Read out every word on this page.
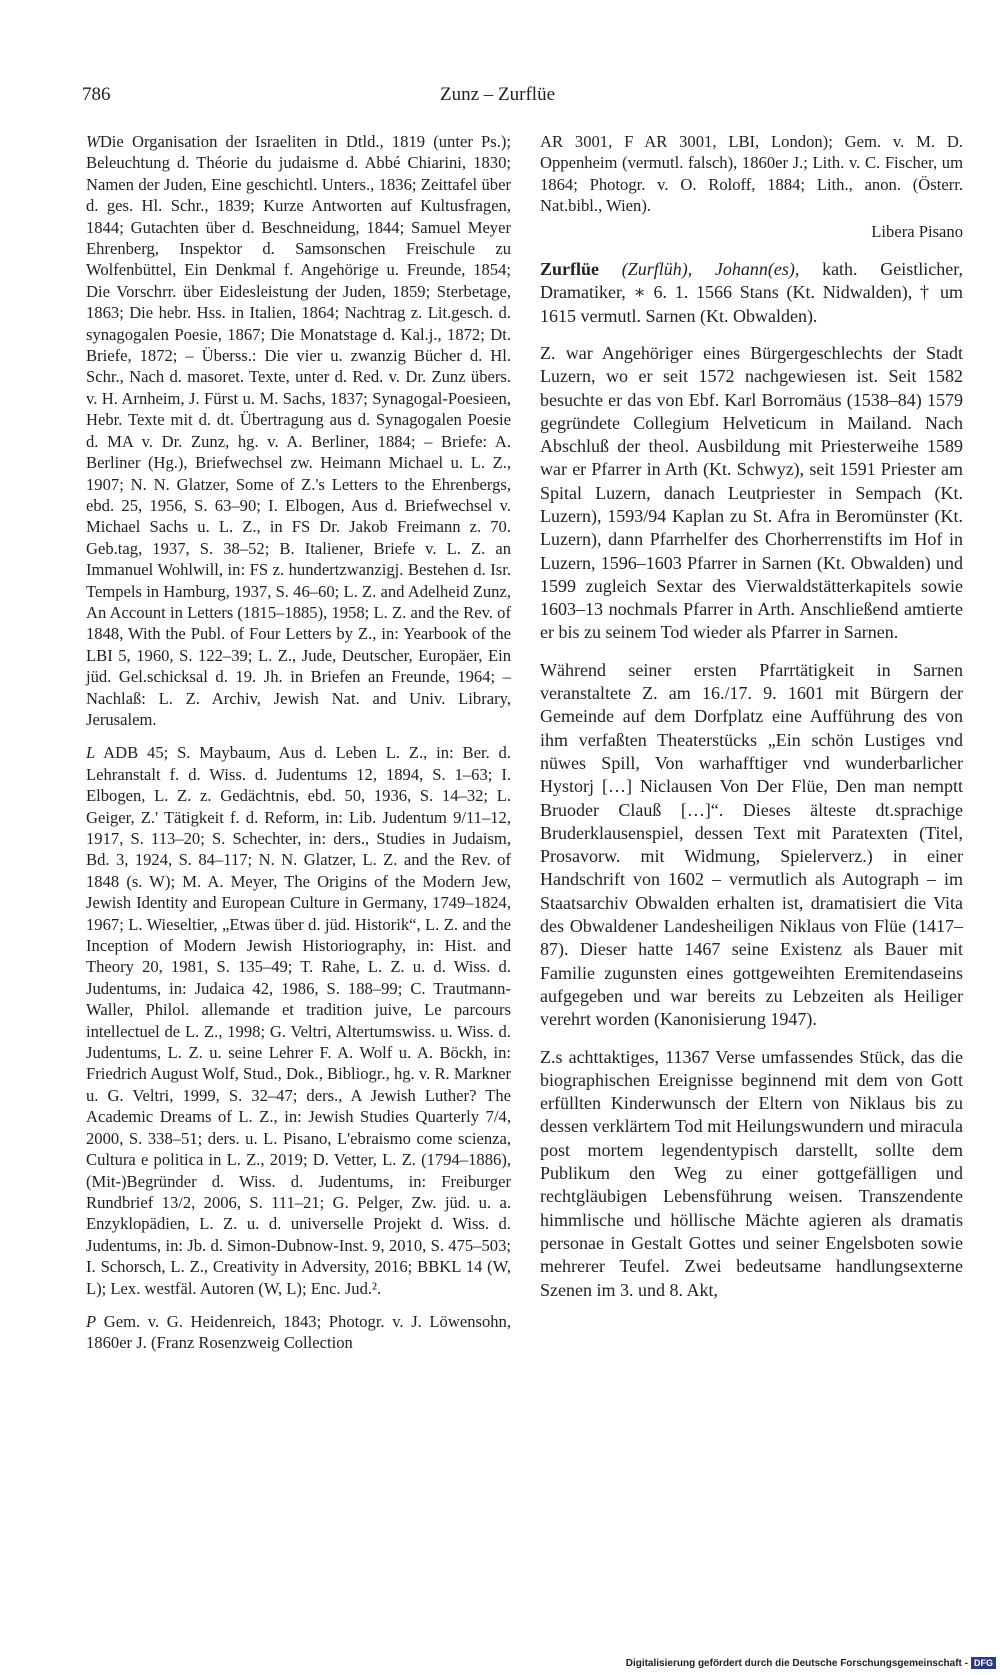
786	Zunz – Zurflüe

WDie Organisation der Israeliten in Dtld., 1819 (unter Ps.); Beleuchtung d. Théorie du judaisme d. Abbé Chiarini, 1830; Namen der Juden, Eine geschichtl. Unters., 1836; Zeittafel über d. ges. Hl. Schr., 1839; Kurze Antworten auf Kultusfragen, 1844; Gutachten über d. Beschneidung, 1844; Samuel Meyer Ehrenberg, Inspektor d. Samsonschen Freischule zu Wolfenbüttel, Ein Denkmal f. Angehörige u. Freunde, 1854; Die Vorschrr. über Eidesleistung der Juden, 1859; Sterbetage, 1863; Die hebr. Hss. in Italien, 1864; Nachtrag z. Lit.gesch. d. synagogalen Poesie, 1867; Die Monatstage d. Kal.j., 1872; Dt. Briefe, 1872; – Überss.: Die vier u. zwanzig Bücher d. Hl. Schr., Nach d. masoret. Texte, unter d. Red. v. Dr. Zunz übers. v. H. Arnheim, J. Fürst u. M. Sachs, 1837; Synagogal-Poesieen, Hebr. Texte mit d. dt. Übertragung aus d. Synagogalen Poesie d. MA v. Dr. Zunz, hg. v. A. Berliner, 1884; – Briefe: A. Berliner (Hg.), Briefwechsel zw. Heimann Michael u. L. Z., 1907; N. N. Glatzer, Some of Z.'s Letters to the Ehrenbergs, ebd. 25, 1956, S. 63–90; I. Elbogen, Aus d. Briefwechsel v. Michael Sachs u. L. Z., in FS Dr. Jakob Freimann z. 70. Geb.tag, 1937, S. 38–52; B. Italiener, Briefe v. L. Z. an Immanuel Wohlwill, in: FS z. hundertzwanzigj. Bestehen d. Isr. Tempels in Hamburg, 1937, S. 46–60; L. Z. and Adelheid Zunz, An Account in Letters (1815–1885), 1958; L. Z. and the Rev. of 1848, With the Publ. of Four Letters by Z., in: Yearbook of the LBI 5, 1960, S. 122–39; L. Z., Jude, Deutscher, Europäer, Ein jüd. Gel.schicksal d. 19. Jh. in Briefen an Freunde, 1964; – Nachlaß: L. Z. Archiv, Jewish Nat. and Univ. Library, Jerusalem.

L ADB 45; S. Maybaum, Aus d. Leben L. Z., in: Ber. d. Lehranstalt f. d. Wiss. d. Judentums 12, 1894, S. 1–63; I. Elbogen, L. Z. z. Gedächtnis, ebd. 50, 1936, S. 14–32; L. Geiger, Z.' Tätigkeit f. d. Reform, in: Lib. Judentum 9/11–12, 1917, S. 113–20; S. Schechter, in: ders., Studies in Judaism, Bd. 3, 1924, S. 84–117; N. N. Glatzer, L. Z. and the Rev. of 1848 (s. W); M. A. Meyer, The Origins of the Modern Jew, Jewish Identity and European Culture in Germany, 1749–1824, 1967; L. Wieseltier, „Etwas über d. jüd. Historik“, L. Z. and the Inception of Modern Jewish Historiography, in: Hist. and Theory 20, 1981, S. 135–49; T. Rahe, L. Z. u. d. Wiss. d. Judentums, in: Judaica 42, 1986, S. 188–99; C. Trautmann-Waller, Philol. allemande et tradition juive, Le parcours intellectuel de L. Z., 1998; G. Veltri, Altertumswiss. u. Wiss. d. Judentums, L. Z. u. seine Lehrer F. A. Wolf u. A. Böckh, in: Friedrich August Wolf, Stud., Dok., Bibliogr., hg. v. R. Markner u. G. Veltri, 1999, S. 32–47; ders., A Jewish Luther? The Academic Dreams of L. Z., in: Jewish Studies Quarterly 7/4, 2000, S. 338–51; ders. u. L. Pisano, L'ebraismo come scienza, Cultura e politica in L. Z., 2019; D. Vetter, L. Z. (1794–1886), (Mit-)Begründer d. Wiss. d. Judentums, in: Freiburger Rundbrief 13/2, 2006, S. 111–21; G. Pelger, Zw. jüd. u. a. Enzyklopädien, L. Z. u. d. universelle Projekt d. Wiss. d. Judentums, in: Jb. d. Simon-Dubnow-Inst. 9, 2010, S. 475–503; I. Schorsch, L. Z., Creativity in Adversity, 2016; BBKL 14 (W, L); Lex. westfäl. Autoren (W, L); Enc. Jud.².

P Gem. v. G. Heidenreich, 1843; Photogr. v. J. Löwensohn, 1860er J. (Franz Rosenzweig Collection

AR 3001, F AR 3001, LBI, London); Gem. v. M. D. Oppenheim (vermutl. falsch), 1860er J.; Lith. v. C. Fischer, um 1864; Photogr. v. O. Roloff, 1884; Lith., anon. (Österr. Nat.bibl., Wien).

Libera Pisano

Zurflüe (Zurflüh), Johann(es), kath. Geistlicher, Dramatiker, ∗ 6. 1. 1566 Stans (Kt. Nidwalden), † um 1615 vermutl. Sarnen (Kt. Obwalden).

Z. war Angehöriger eines Bürgergeschlechts der Stadt Luzern, wo er seit 1572 nachgewiesen ist. Seit 1582 besuchte er das von Ebf. Karl Borromäus (1538–84) 1579 gegründete Collegium Helveticum in Mailand. Nach Abschluß der theol. Ausbildung mit Priesterweihe 1589 war er Pfarrer in Arth (Kt. Schwyz), seit 1591 Priester am Spital Luzern, danach Leutpriester in Sempach (Kt. Luzern), 1593/94 Kaplan zu St. Afra in Beromünster (Kt. Luzern), dann Pfarrhelfer des Chorherrenstifts im Hof in Luzern, 1596–1603 Pfarrer in Sarnen (Kt. Obwalden) und 1599 zugleich Sextar des Vierwaldstätterkapitels sowie 1603–13 nochmals Pfarrer in Arth. Anschließend amtierte er bis zu seinem Tod wieder als Pfarrer in Sarnen.

Während seiner ersten Pfarrtätigkeit in Sarnen veranstaltete Z. am 16./17. 9. 1601 mit Bürgern der Gemeinde auf dem Dorfplatz eine Aufführung des von ihm verfaßten Theaterstücks „Ein schön Lustiges vnd nüwes Spill, Von warhafftiger vnd wunderbarlicher Hystorj […] Niclausen Von Der Flüe, Den man nemptt Bruoder Clauß […]“. Dieses älteste dt.sprachige Bruderklausenspiel, dessen Text mit Paratexten (Titel, Prosavorw. mit Widmung, Spielerverz.) in einer Handschrift von 1602 – vermutlich als Autograph – im Staatsarchiv Obwalden erhalten ist, dramatisiert die Vita des Obwaldener Landesheiligen Niklaus von Flüe (1417–87). Dieser hatte 1467 seine Existenz als Bauer mit Familie zugunsten eines gottgeweihten Eremitendaseins aufgegeben und war bereits zu Lebzeiten als Heiliger verehrt worden (Kanonisierung 1947).

Z.s achttaktiges, 11367 Verse umfassendes Stück, das die biographischen Ereignisse beginnend mit dem von Gott erfüllten Kinderwunsch der Eltern von Niklaus bis zu dessen verklärtem Tod mit Heilungswundern und miracula post mortem legendentypisch darstellt, sollte dem Publikum den Weg zu einer gottgefälligen und rechtgläubigen Lebensführung weisen. Transzendente himmlische und höllische Mächte agieren als dramatis personae in Gestalt Gottes und seiner Engelsboten sowie mehrerer Teufel. Zwei bedeutsame handlungsexterne Szenen im 3. und 8. Akt,

Digitalisierung gefördert durch die Deutsche Forschungsgemeinschaft - DFG
